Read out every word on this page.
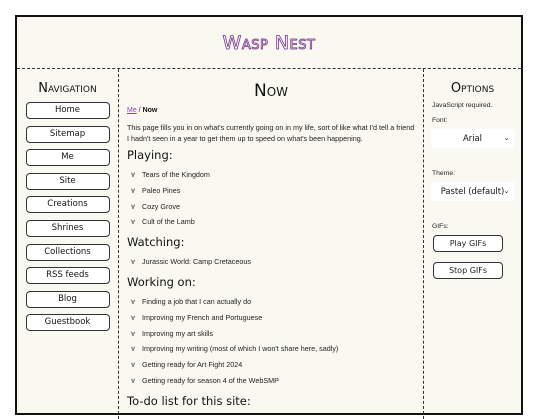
Wasp Nest
Navigation
Home
Sitemap
Me
Site
Creations
Shrines
Collections
RSS feeds
Blog
Guestbook
Now
Me / Now

This page fills you in on what's currently going on in my life, sort of like what I'd tell a friend I hadn't seen in a year to get them up to speed on what's been happening.

Playing:
∀ Tears of the Kingdom
∀ Paleo Pines
∀ Cozy Grove
∀ Cult of the Lamb
Watching:
∀ Jurassic World: Camp Cretaceous
Working on:
∀ Finding a job that I can actually do
∀ Improving my French and Portuguese
∀ Improving my art skills
∀ Improving my writing (most of which I won't share here, sadly)
∀ Getting ready for Art Fight 2024
∀ Getting ready for season 4 of the WebSMP
To-do list for this site:
Options

JavaScript required.

Font:

Arial	⌄

Theme:

Pastel (default) ⌄

GIFs:

Play GIFs
Stop GIFs
